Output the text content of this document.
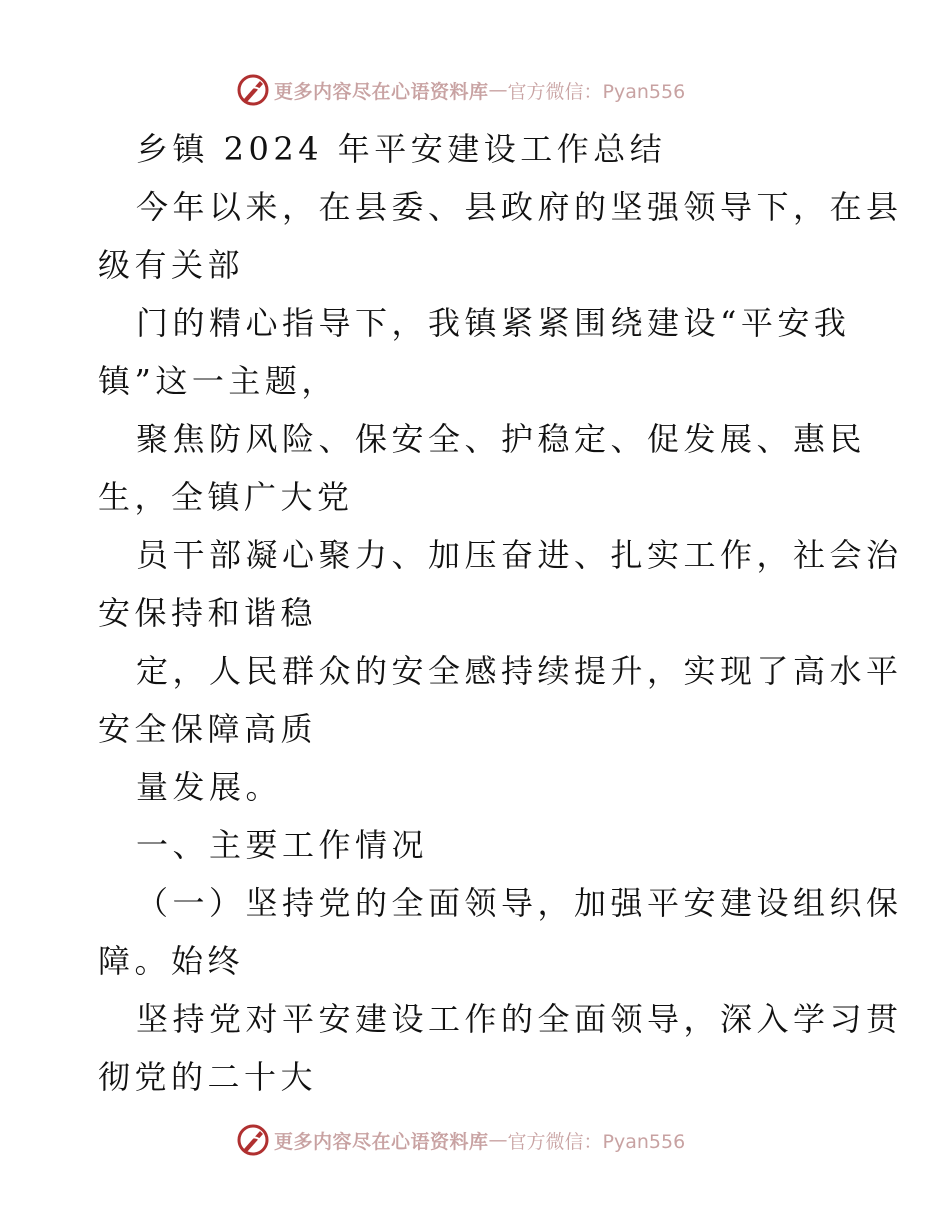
更多内容尽在心语资料库 — 官方微信：Pyan556
乡镇 2024 年平安建设工作总结
今年以来，在县委、县政府的坚强领导下，在县
级有关部
门的精心指导下，我镇紧紧围绕建设“平安我
镇”这一主题，
聚焦防风险、保安全、护稳定、促发展、惠民
生，全镇广大党
员干部凝心聚力、加压奋进、扎实工作，社会治
安保持和谐稳
定，人民群众的安全感持续提升，实现了高水平
安全保障高质
量发展。
一、主要工作情况
（一）坚持党的全面领导，加强平安建设组织保
障。始终
坚持党对平安建设工作的全面领导，深入学习贯
彻党的二十大
更多内容尽在心语资料库 — 官方微信：Pyan556
